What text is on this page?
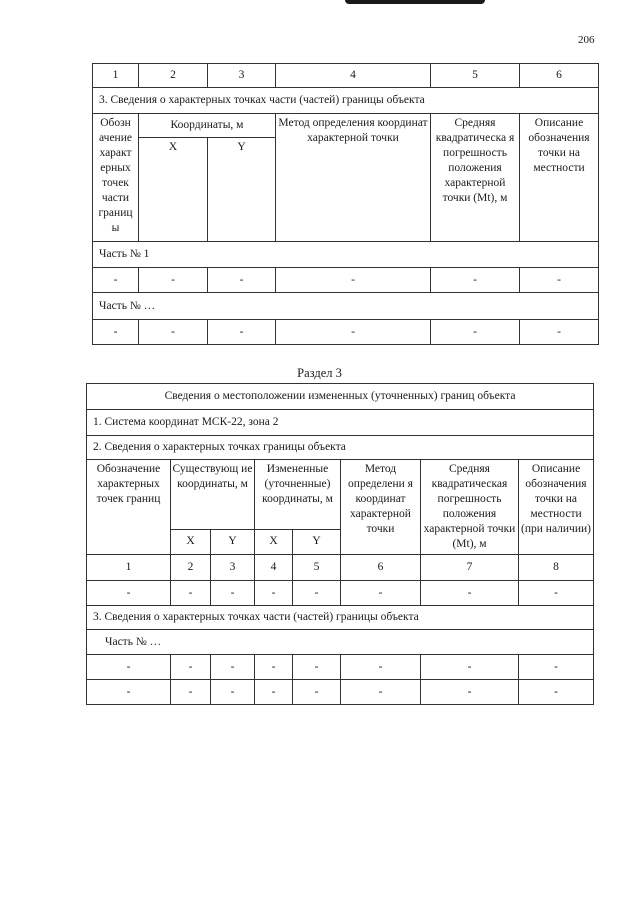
206
1	2	3	4	5	6
3. Сведения о характерных точках части (частей) границы объекта					
Обозн ачение характ ерных точек части границ ы	Координаты, м		Метод определения координат характерной точки	Средняя квадратическа я погрешность положения характерной точки (Mt), м	Описание обозначения точки на местности
	X	Y			
Часть № 1					
-	-	-	-	-	-
Часть № …					
-	-	-	-	-	-
Раздел 3
Сведения о местоположении измененных (уточненных) границ объекта							
1. Система координат МСК-22, зона 2							
2. Сведения о характерных точках границы объекта							
Обозначение характерных точек границ	Существующ ие координаты, м		Измененные (уточненные) координаты, м		Метод определени я координат характерной точки	Средняя квадратическая погрешность положения характерной точки (Mt), м	Описание обозначения точки на местности (при наличии)
	X	Y	X	Y			
1	2	3	4	5	6	7	8
-	-	-	-	-	-	-	-
3. Сведения о характерных точках части (частей) границы объекта							
Часть № …							
-	-	-	-	-	-	-	-
-	-	-	-	-	-	-	-
